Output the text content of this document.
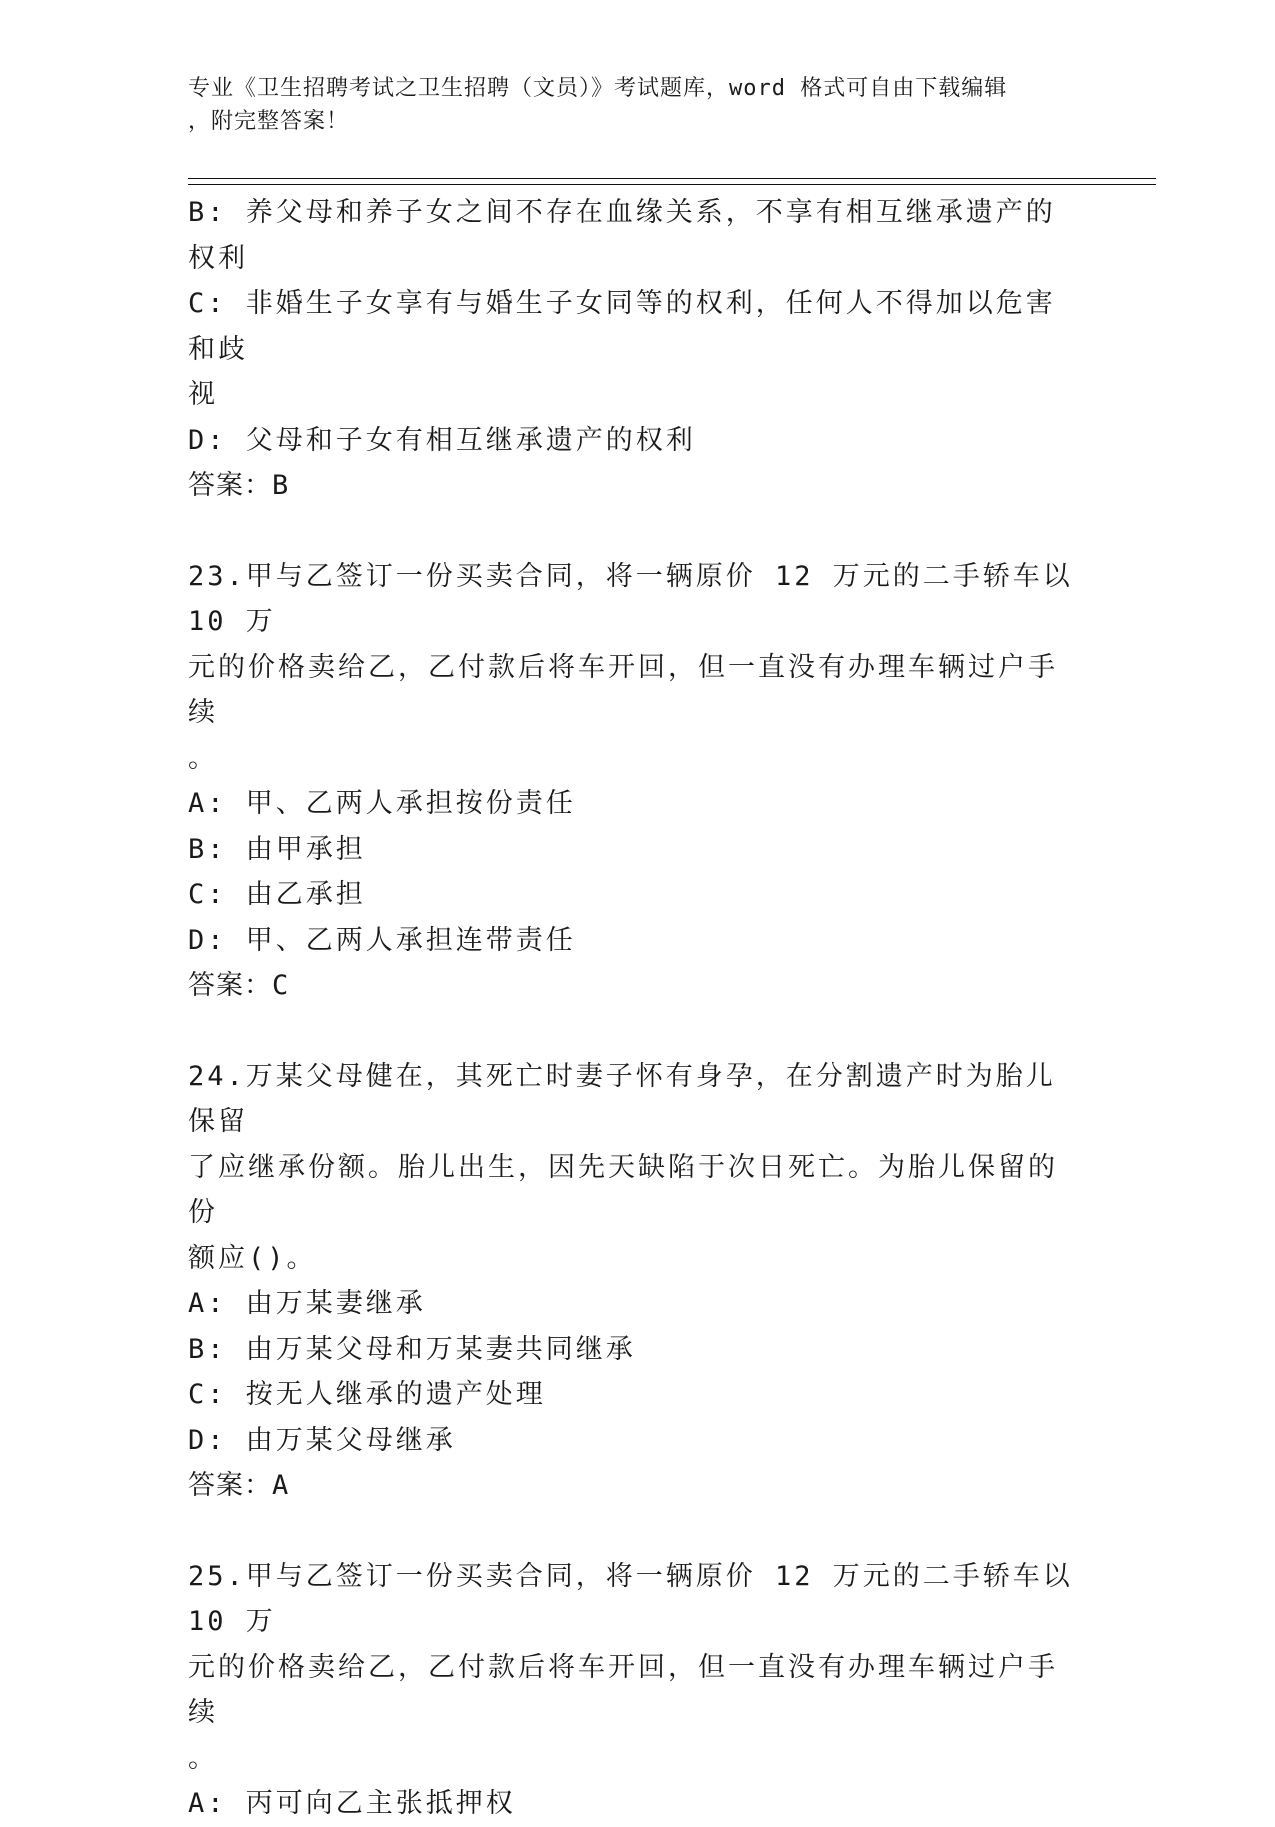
专业《卫生招聘考试之卫生招聘（文员）》考试题库，word 格式可自由下载编辑
，附完整答案！
B: 养父母和养子女之间不存在血缘关系，不享有相互继承遗产的权利
C: 非婚生子女享有与婚生子女同等的权利，任何人不得加以危害和歧
视
D: 父母和子女有相互继承遗产的权利
答案：B
23.甲与乙签订一份买卖合同，将一辆原价 12 万元的二手轿车以 10 万
元的价格卖给乙，乙付款后将车开回，但一直没有办理车辆过户手续
。
A: 甲、乙两人承担按份责任
B: 由甲承担
C: 由乙承担
D: 甲、乙两人承担连带责任
答案：C
24.万某父母健在，其死亡时妻子怀有身孕，在分割遗产时为胎儿保留
了应继承份额。胎儿出生，因先天缺陷于次日死亡。为胎儿保留的份
额应()。
A: 由万某妻继承
B: 由万某父母和万某妻共同继承
C: 按无人继承的遗产处理
D: 由万某父母继承
答案：A
25.甲与乙签订一份买卖合同，将一辆原价 12 万元的二手轿车以 10 万
元的价格卖给乙，乙付款后将车开回，但一直没有办理车辆过户手续
。
A: 丙可向乙主张抵押权
